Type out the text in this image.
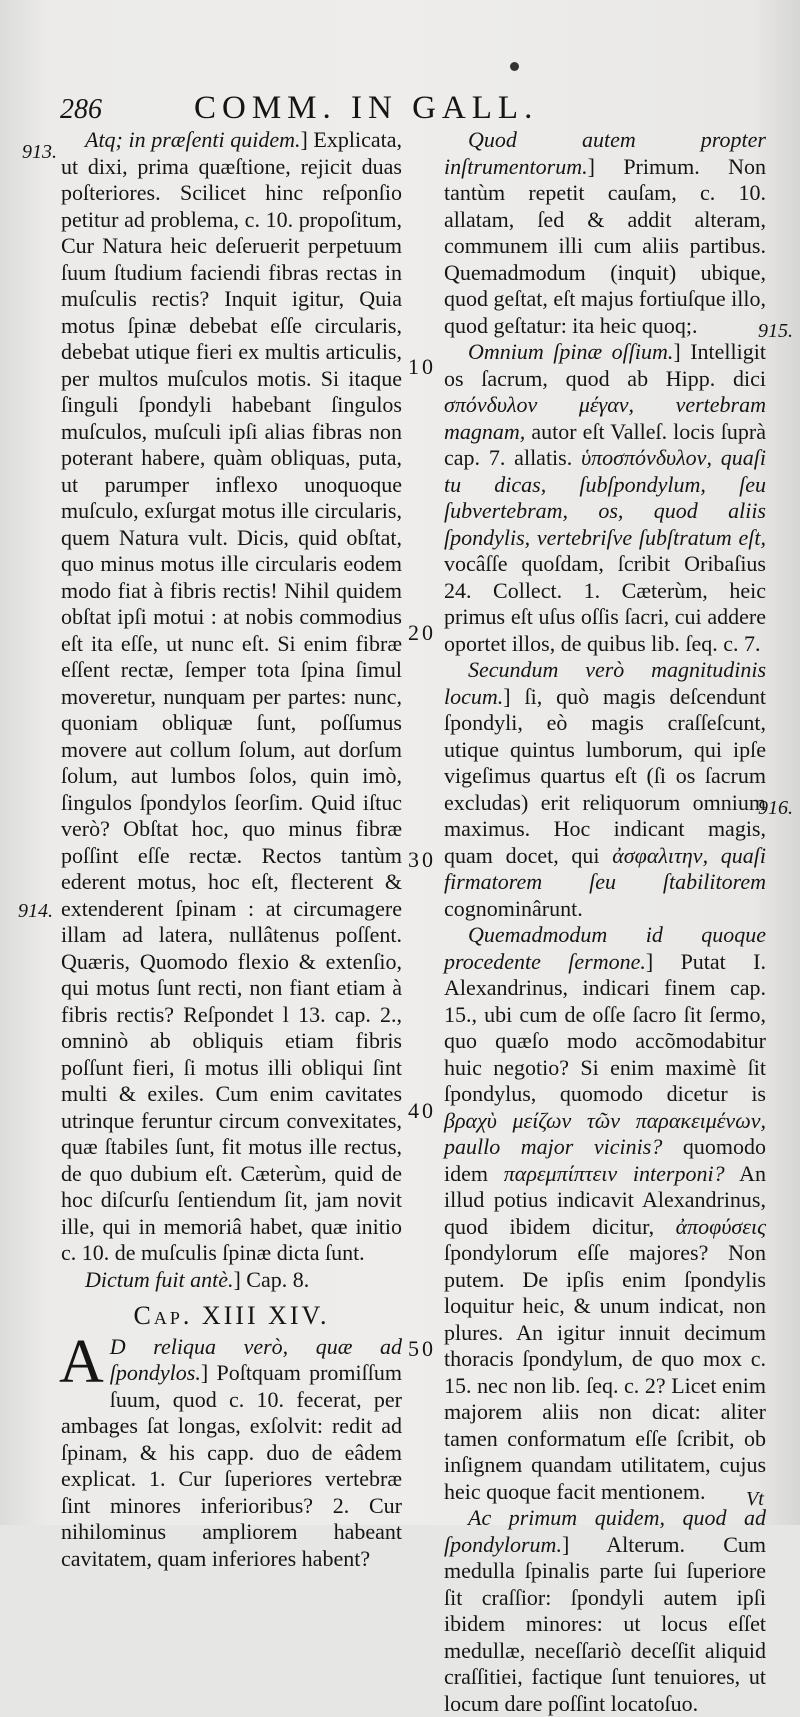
286	COMM. IN GALL.
913.
914.
915.
916.
10
20
30
40
50

Atq; in præſenti quidem.] Explicata, ut dixi, prima quæſtione, rejicit duas poſteriores. Scilicet hinc reſponſio petitur ad problema, c. 10. propoſitum, Cur Natura heic deſeruerit perpetuum ſuum ſtudium faciendi fibras rectas in muſculis rectis? Inquit igitur, Quia motus ſpinæ debebat eſſe circularis, debebat utique fieri ex multis articulis, per multos muſculos motis. Si itaque ſinguli ſpondyli habebant ſingulos muſculos, muſculi ipſi alias fibras non poterant habere, quàm obliquas, puta, ut parumper inflexo unoquoque muſculo, exſurgat motus ille circularis, quem Natura vult. Dicis, quid obſtat, quo minus motus ille circularis eodem modo fiat à fibris rectis! Nihil quidem obſtat ipſi motui : at nobis commodius eſt ita eſſe, ut nunc eſt. Si enim fibræ eſſent rectæ, ſemper tota ſpina ſimul moveretur, nunquam per partes: nunc, quoniam obliquæ ſunt, poſſumus movere aut collum ſolum, aut dorſum ſolum, aut lumbos ſolos, quin imò, ſingulos ſpondylos ſeorſim. Quid iſtuc verò? Obſtat hoc, quo minus fibræ poſſint eſſe rectæ. Rectos tantùm ederent motus, hoc eſt, flecterent & extenderent ſpinam : at circumagere illam ad latera, nullâtenus poſſent. Quæris, Quomodo flexio & extenſio, qui motus ſunt recti, non fiant etiam à fibris rectis? Reſpondet l 13. cap. 2., omninò ab obliquis etiam fibris poſſunt fieri, ſi motus illi obliqui ſint multi & exiles. Cum enim cavitates utrinque feruntur circum convexitates, quæ ſtabiles ſunt, fit motus ille rectus, de quo dubium eſt. Cæterùm, quid de hoc diſcurſu ſentiendum ſit, jam novit ille, qui in memoriâ habet, quæ initio c. 10. de muſculis ſpinæ dicta ſunt.

Dictum fuit antè.] Cap. 8.

Cap. XIII XIV.

A D reliqua verò, quæ ad ſpondylos.] Poſtquam promiſſum ſuum, quod c. 10. fecerat, per ambages ſat longas, exſolvit: redit ad ſpinam, & his capp. duo de eâdem explicat. 1. Cur ſuperiores vertebræ ſint minores inferioribus? 2. Cur nihilominus ampliorem habeant cavitatem, quam inferiores habent?

Quod autem propter inſtrumentorum.] Primum. Non tantùm repetit cauſam, c. 10. allatam, ſed & addit alteram, communem illi cum aliis partibus. Quemadmodum (inquit) ubique, quod geſtat, eſt majus fortiuſque illo, quod geſtatur: ita heic quoq;.

Omnium ſpinæ oſſium.] Intelligit os ſacrum, quod ab Hipp. dici σπόνδυλον μέγαν, vertebram magnam, autor eſt Valleſ. locis ſuprà cap. 7. allatis. ὑποσπόνδυλον, quaſi tu dicas, ſubſpondylum, ſeu ſubvertebram, os, quod aliis ſpondylis, vertebriſve ſubſtratum eſt, vocâſſe quoſdam, ſcribit Oribaſius 24. Collect. 1. Cæterùm, heic primus eſt uſus oſſis ſacri, cui addere oportet illos, de quibus lib. ſeq. c. 7.

Secundum verò magnitudinis locum.] ſi, quò magis deſcendunt ſpondyli, eò magis craſſeſcunt, utique quintus lumborum, qui ipſe vigeſimus quartus eſt (ſi os ſacrum excludas) erit reliquorum omnium maximus. Hoc indicant magis, quam docet, qui ἀσφαλιτην, quaſi firmatorem ſeu ſtabilitorem cognominârunt.

Quemadmodum id quoque procedente ſermone.] Putat I. Alexandrinus, indicari finem cap. 15., ubi cum de oſſe ſacro ſit ſermo, quo quæſo modo accõmodabitur huic negotio? Si enim maximè ſit ſpondylus, quomodo dicetur is βραχὺ μείζων τῶν παρακειμένων, paullo major vicinis? quomodo idem παρεμπίπτειν interponi? An illud potius indicavit Alexandrinus, quod ibidem dicitur, ἀποφύσεις ſpondylorum eſſe majores? Non putem. De ipſis enim ſpondylis loquitur heic, & unum indicat, non plures. An igitur innuit decimum thoracis ſpondylum, de quo mox c. 15. nec non lib. ſeq. c. 2? Licet enim majorem aliis non dicat: aliter tamen conformatum eſſe ſcribit, ob inſignem quandam utilitatem, cujus heic quoque facit mentionem.

Ac primum quidem, quod ad ſpondylorum.] Alterum. Cum medulla ſpinalis parte ſui ſuperiore ſit craſſior: ſpondyli autem ipſi ibidem minores: ut locus eſſet medullæ, neceſſariò deceſſit aliquid craſſitiei, factique ſunt tenuiores, ut locum dare poſſint locatoſuo.

Vt
